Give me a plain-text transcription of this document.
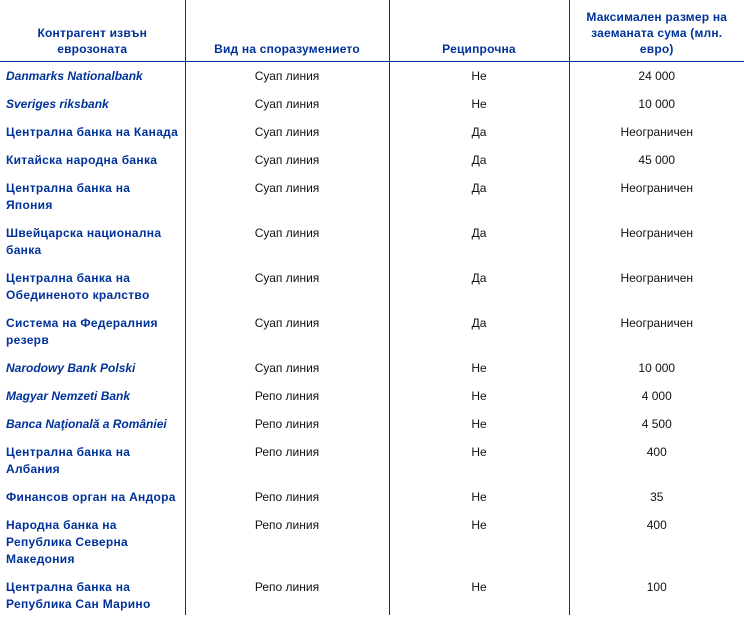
Контрагент извън еврозоната	Вид на споразумението	Реципрочна	Максимален размер на заеманата сума (млн. евро)
Danmarks Nationalbank	Суап линия	Не	24 000
Sveriges riksbank	Суап линия	Не	10 000
Централна банка на Канада	Суап линия	Да	Неограничен
Китайска народна банка	Суап линия	Да	45 000
Централна банка на Япония	Суап линия	Да	Неограничен
Швейцарска национална банка	Суап линия	Да	Неограничен
Централна банка на Обединеното кралство	Суап линия	Да	Неограничен
Система на Федералния резерв	Суап линия	Да	Неограничен
Narodowy Bank Polski	Суап линия	Не	10 000
Magyar Nemzeti Bank	Репо линия	Не	4 000
Banca Naţională a României	Репо линия	Не	4 500
Централна банка на Албания	Репо линия	Не	400
Финансов орган на Андора	Репо линия	Не	35
Народна банка на Република Северна Македония	Репо линия	Не	400
Централна банка на Република Сан Марино	Репо линия	Не	100
